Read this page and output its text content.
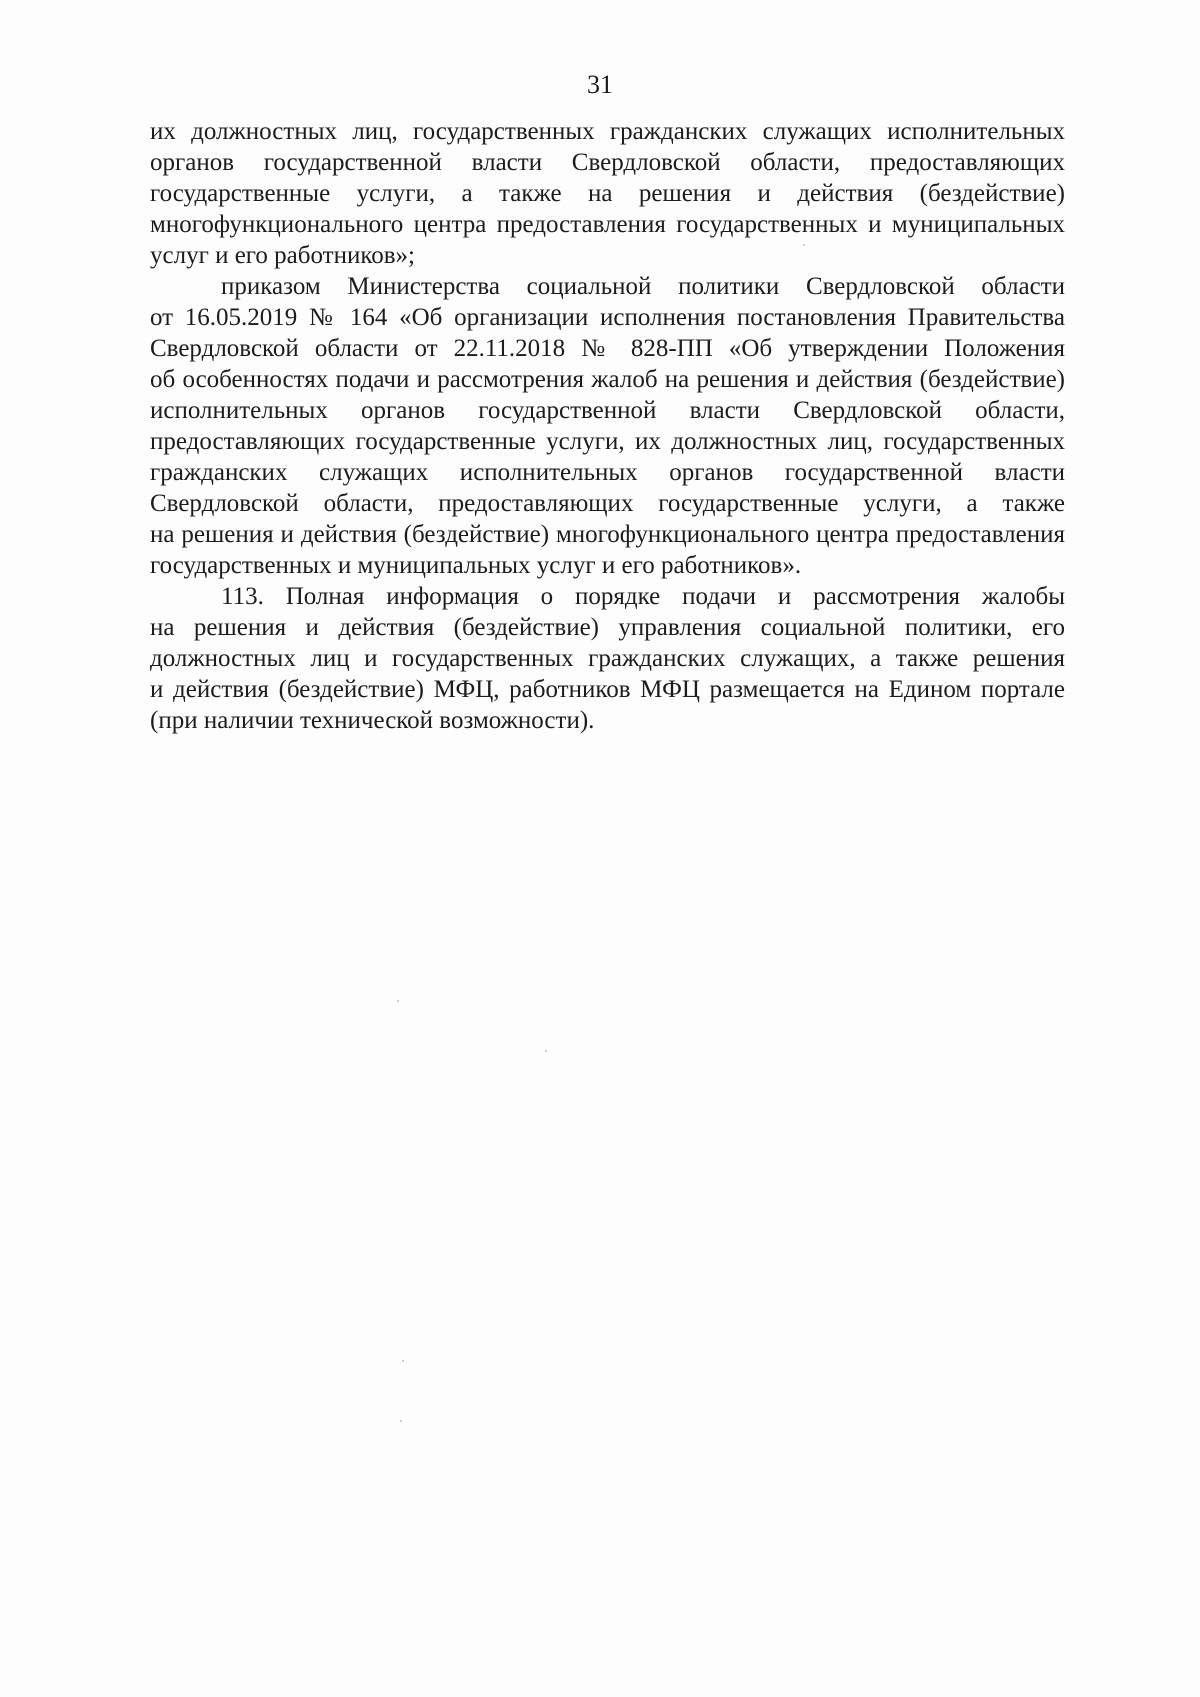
31

их должностных лиц, государственных гражданских служащих исполнительных
органов государственной власти Свердловской области, предоставляющих
государственные услуги, а также на решения и действия (бездействие)
многофункционального центра предоставления государственных и муниципальных
услуг и его работников»;

приказом Министерства социальной политики Свердловской области
от 16.05.2019 № 164 «Об организации исполнения постановления Правительства
Свердловской области от 22.11.2018 № 828-ПП «Об утверждении Положения
об особенностях подачи и рассмотрения жалоб на решения и действия (бездействие)
исполнительных органов государственной власти Свердловской области,
предоставляющих государственные услуги, их должностных лиц, государственных
гражданских служащих исполнительных органов государственной власти
Свердловской области, предоставляющих государственные услуги, а также
на решения и действия (бездействие) многофункционального центра предоставления
государственных и муниципальных услуг и его работников».

113. Полная информация о порядке подачи и рассмотрения жалобы
на решения и действия (бездействие) управления социальной политики, его
должностных лиц и государственных гражданских служащих, а также решения
и действия (бездействие) МФЦ, работников МФЦ размещается на Едином портале
(при наличии технической возможности).
